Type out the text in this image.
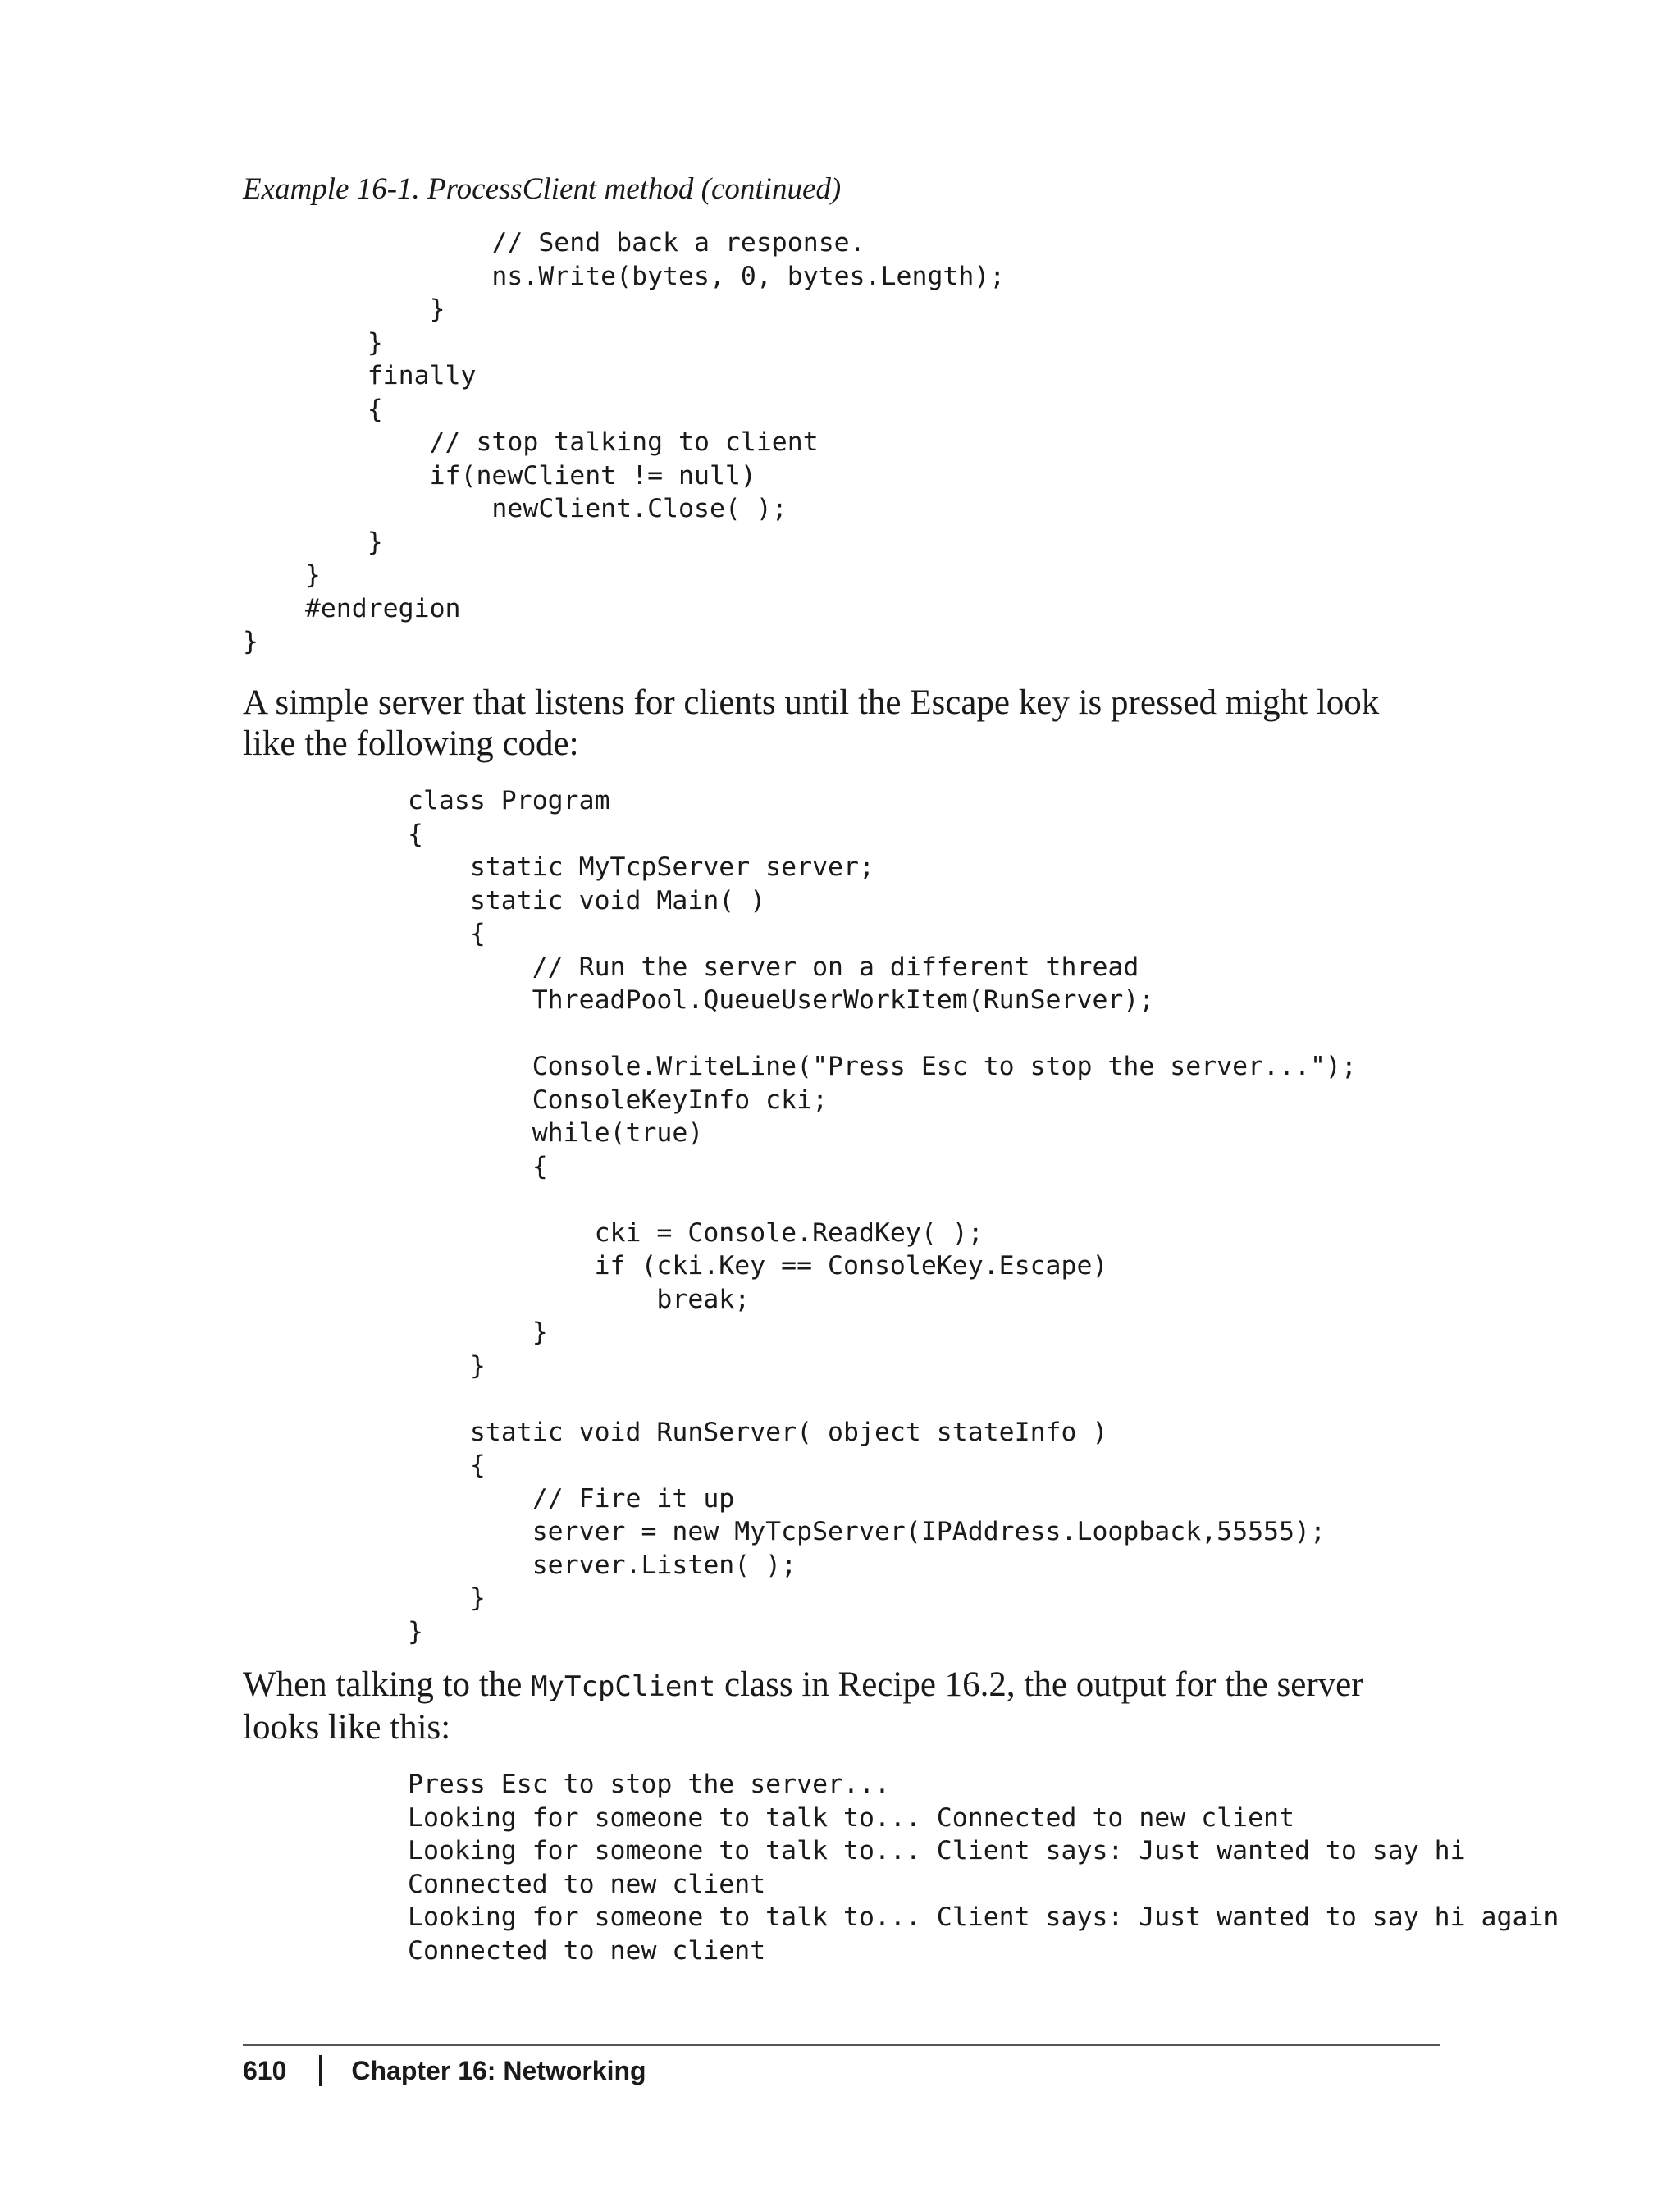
Example 16-1. ProcessClient method (continued)

// Send back a response.
ns.Write(bytes, 0, bytes.Length);
}
}
finally
{
// stop talking to client
if(newClient != null)
newClient.Close( );
}
}
#endregion
}

A simple server that listens for clients until the Escape key is pressed might look like the following code:

class Program
{
static MyTcpServer server;
static void Main( )
{
// Run the server on a different thread
ThreadPool.QueueUserWorkItem(RunServer);

Console.WriteLine("Press Esc to stop the server...");
ConsoleKeyInfo cki;
while(true)
{

cki = Console.ReadKey( );
if (cki.Key == ConsoleKey.Escape)
break;
}
}

static void RunServer( object stateInfo )
{
// Fire it up
server = new MyTcpServer(IPAddress.Loopback,55555);
server.Listen( );
}
}

When talking to the MyTcpClient class in Recipe 16.2, the output for the server looks like this:

Press Esc to stop the server...
Looking for someone to talk to... Connected to new client
Looking for someone to talk to... Client says: Just wanted to say hi
Connected to new client
Looking for someone to talk to... Client says: Just wanted to say hi again
Connected to new client
610 Chapter 16: Networking
